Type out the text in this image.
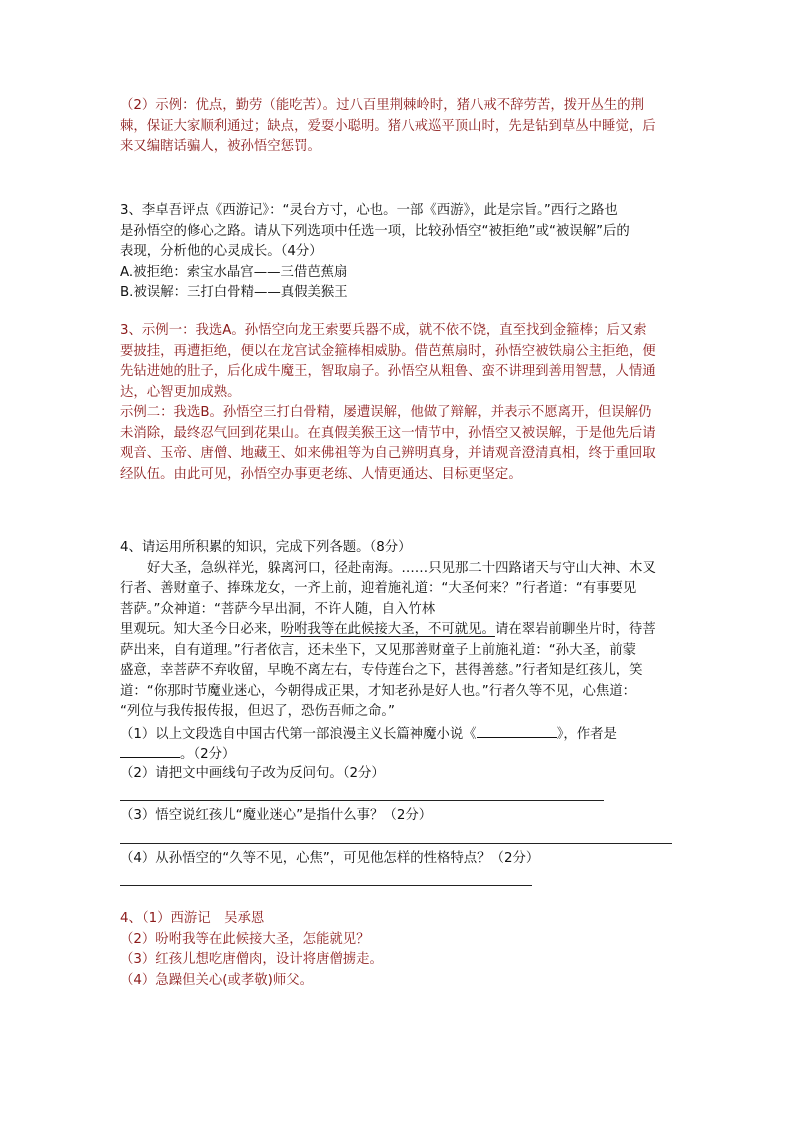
（2）示例：优点，勤劳（能吃苦）。过八百里荆棘岭时，猪八戒不辞劳苦，拨开丛生的荆
棘，保证大家顺利通过；缺点，爱耍小聪明。猪八戒巡平顶山时，先是钻到草丛中睡觉，后
来又编瞎话骗人，被孙悟空惩罚。
3、李卓吾评点《西游记》：“灵台方寸，心也。一部《西游》，此是宗旨。”西行之路也
是孙悟空的修心之路。请从下列选项中任选一项，比较孙悟空“被拒绝”或“被误解”后的
表现，分析他的心灵成长。（4分）
A.被拒绝：索宝水晶宫——三借芭蕉扇
B.被误解：三打白骨精——真假美猴王
3、示例一：我选A。孙悟空向龙王索要兵器不成，就不依不饶，直至找到金箍棒；后又索
要披挂，再遭拒绝，便以在龙宫试金箍棒相威胁。借芭蕉扇时，孙悟空被铁扇公主拒绝，便
先钻进她的肚子，后化成牛魔王，智取扇子。孙悟空从粗鲁、蛮不讲理到善用智慧，人情通
达，心智更加成熟。
示例二：我选B。孙悟空三打白骨精，屡遭误解，他做了辩解，并表示不愿离开，但误解仍
未消除，最终忍气回到花果山。在真假美猴王这一情节中，孙悟空又被误解，于是他先后请
观音、玉帝、唐僧、地藏王、如来佛祖等为自己辨明真身，并请观音澄清真相，终于重回取
经队伍。由此可见，孙悟空办事更老练、人情更通达、目标更坚定。
4、请运用所积累的知识，完成下列各题。（8分）
好大圣，急纵祥光，躲离河口，径赴南海。……只见那二十四路诸天与守山大神、木叉
行者、善财童子、捧珠龙女，一齐上前，迎着施礼道：“大圣何来？”行者道：“有事要见
菩萨。”众神道：“菩萨今早出洞，不许人随，自入竹林
里观玩。知大圣今日必来，吩咐我等在此候接大圣，不可就见。请在翠岩前聊坐片时，待菩
萨出来，自有道理。”行者依言，还未坐下，又见那善财童子上前施礼道：“孙大圣，前蒙
盛意，幸菩萨不弃收留，早晚不离左右，专侍莲台之下，甚得善慈。”行者知是红孩儿，笑
道：“你那时节魔业迷心，今朝得成正果，才知老孙是好人也。”行者久等不见，心焦道：
“列位与我传报传报，但迟了，恐伤吾师之命。”
（1）以上文段选自中国古代第一部浪漫主义长篇神魔小说《	》，作者是
。（2分）
（2）请把文中画线句子改为反问句。（2分）
（3）悟空说红孩儿“魔业迷心”是指什么事？（2分）
（4）从孙悟空的“久等不见，心焦”，可见他怎样的性格特点？（2分）
4、（1）西游记　吴承恩
（2）吩咐我等在此候接大圣，怎能就见？
（3）红孩儿想吃唐僧肉，设计将唐僧掳走。
（4）急躁但关心(或孝敬)师父。
